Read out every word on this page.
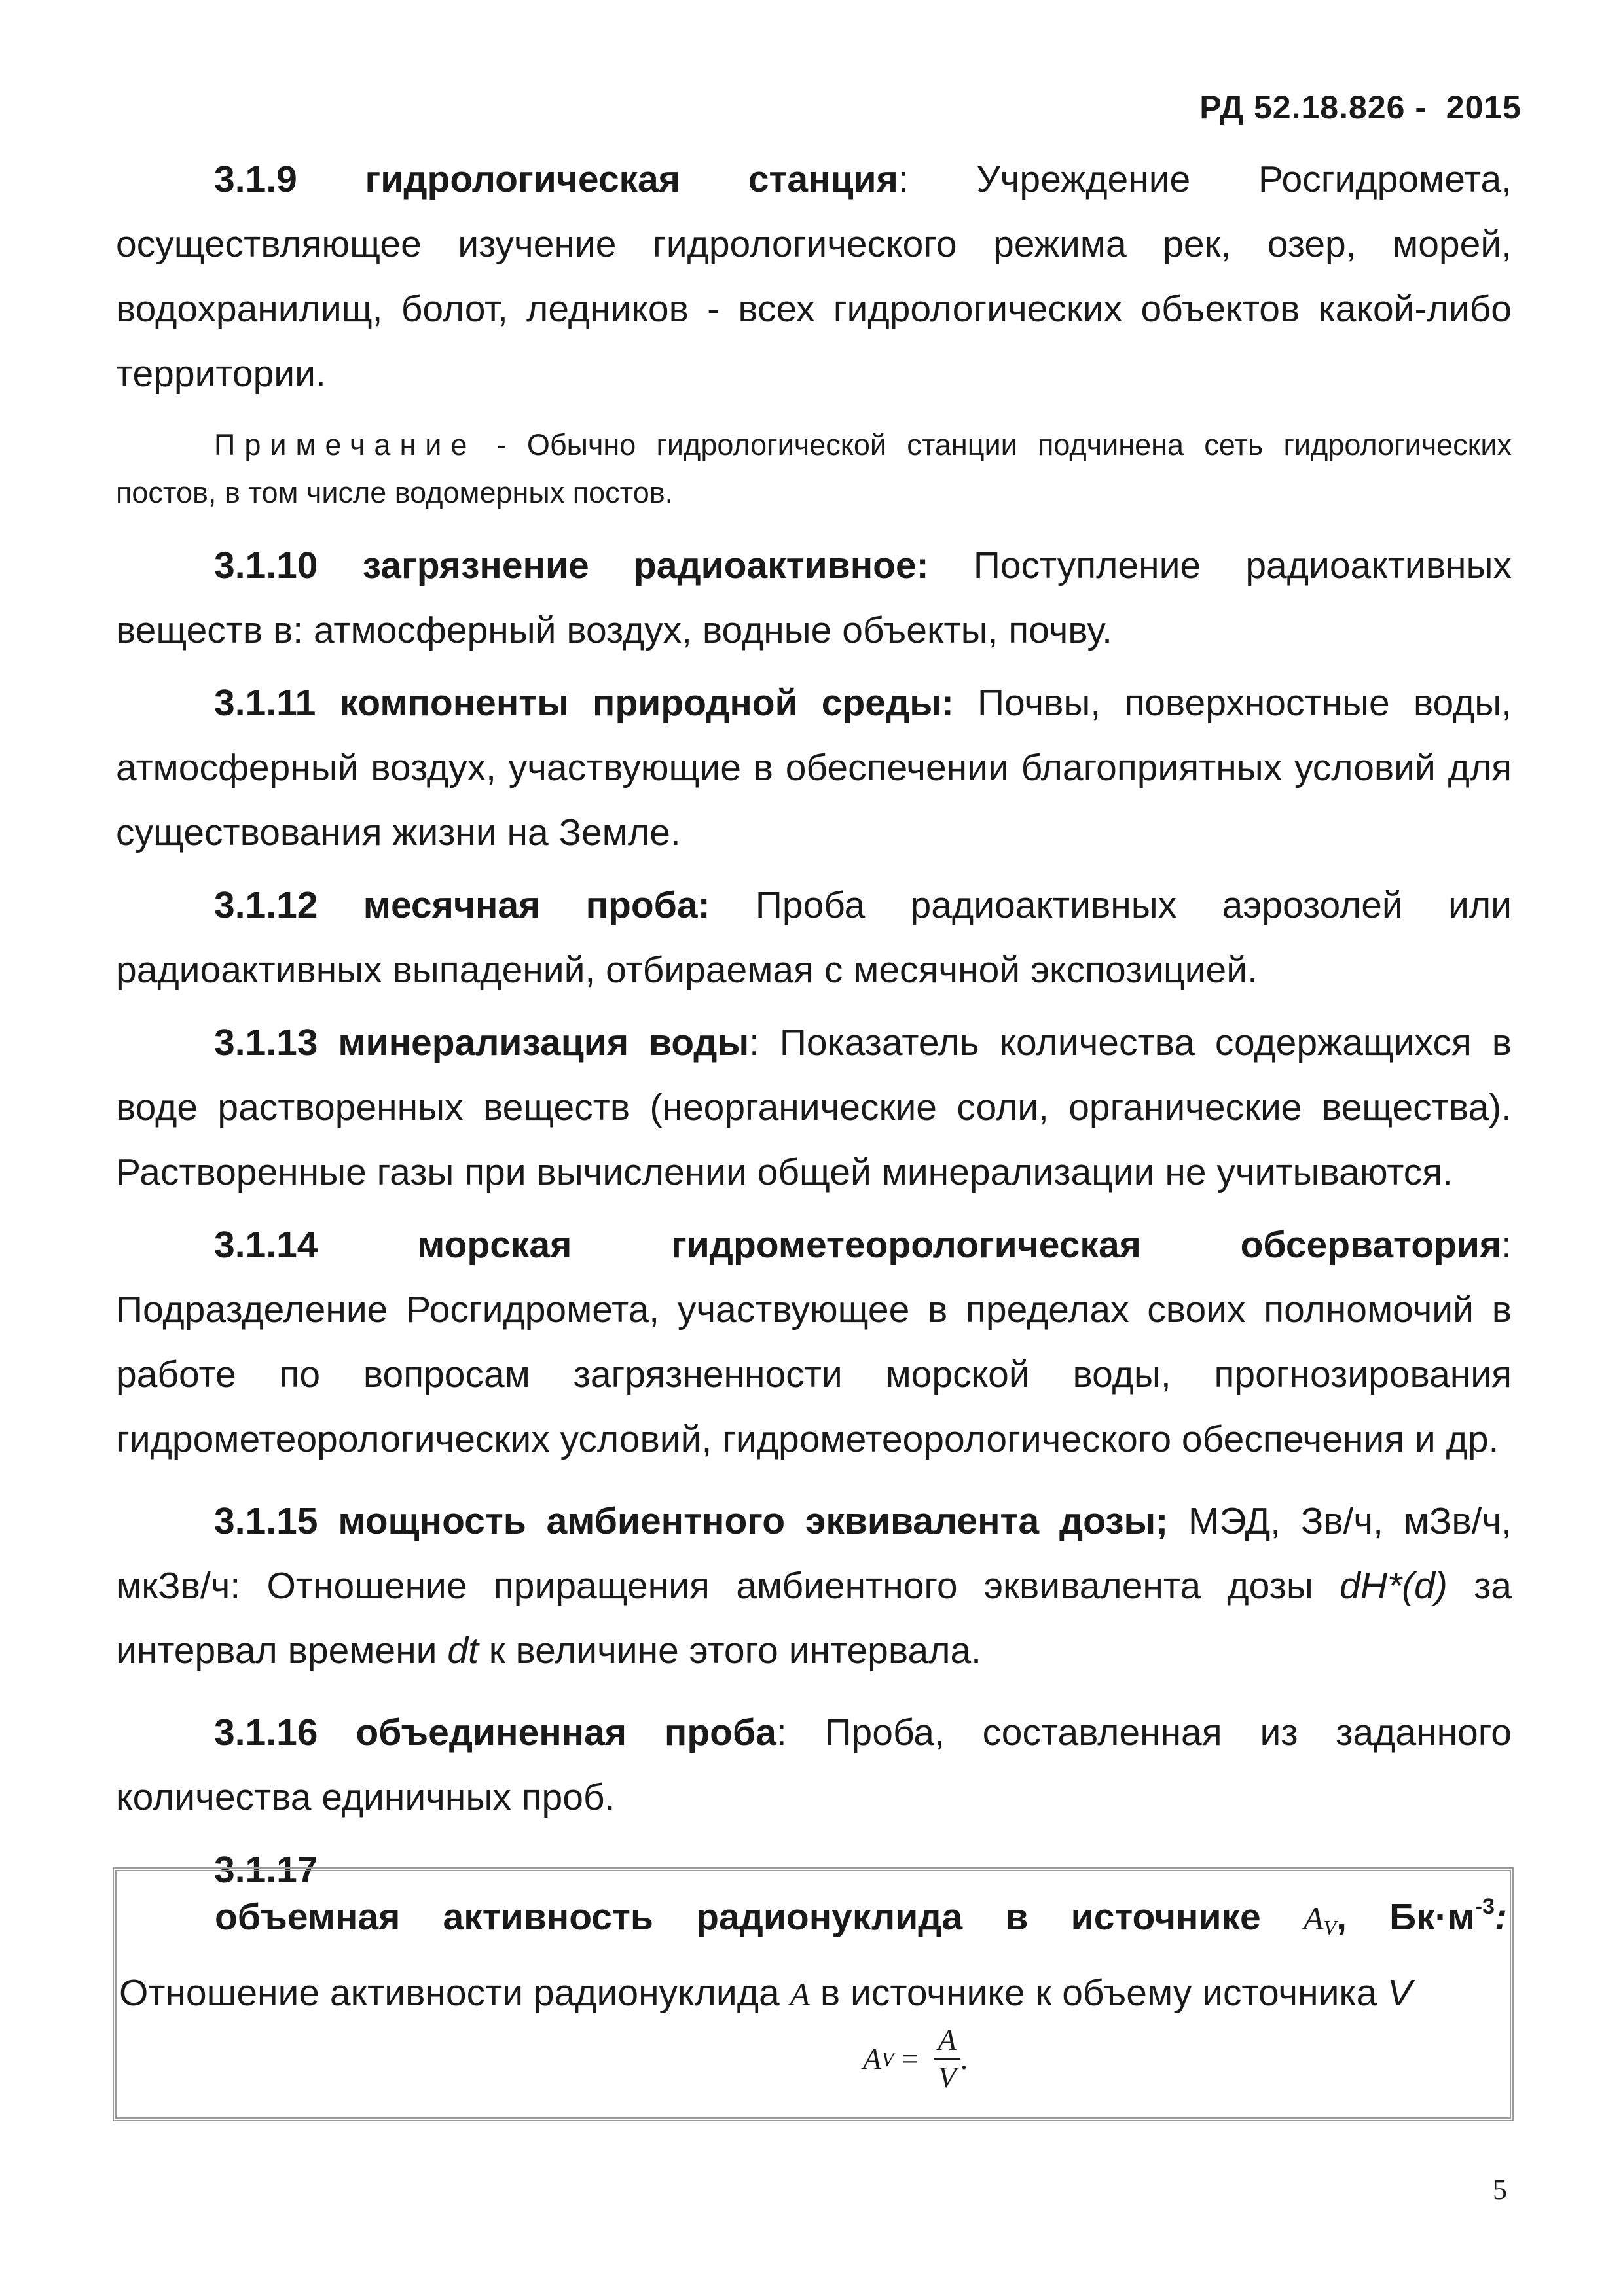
РД 52.18.826 -  2015

3.1.9 гидрологическая станция: Учреждение Росгидромета, осуществляющее изучение гидрологического режима рек, озер, морей, водохранилищ, болот, ледников - всех гидрологических объектов какой-либо территории.

Примечание - Обычно гидрологической станции подчинена сеть гидрологических постов, в том числе водомерных постов.

3.1.10 загрязнение радиоактивное: Поступление радиоактивных веществ в: атмосферный воздух, водные объекты, почву.

3.1.11 компоненты природной среды: Почвы, поверхностные воды, атмосферный воздух, участвующие в обеспечении благоприятных условий для существования жизни на Земле.

3.1.12 месячная проба: Проба радиоактивных аэрозолей или радиоактивных выпадений, отбираемая с месячной экспозицией.

3.1.13 минерализация воды: Показатель количества содержащихся в воде растворенных веществ (неорганические соли, органические вещества). Растворенные газы при вычислении общей минерализации не учитываются.

3.1.14	морская гидрометеорологическая обсерватория: Подразделение Росгидромета, участвующее в пределах своих полномочий в работе по вопросам загрязненности морской воды, прогнозирования гидрометеорологических условий, гидрометеорологического обеспечения и др.

3.1.15 мощность амбиентного эквивалента дозы; МЭД, Зв/ч, мЗв/ч, мкЗв/ч: Отношение приращения амбиентного эквивалента дозы dH*(d) за интервал времени dt к величине этого интервала.

3.1.16 объединенная проба: Проба, составленная из заданного количества единичных проб.

3.1.17

объемная активность радионуклида в источнике $A_V$, $Бк\cdot м^{-3}$: Отношение активности радионуклида A в источнике к объему источника V

A $V = \frac{A}{V}$ .
5
